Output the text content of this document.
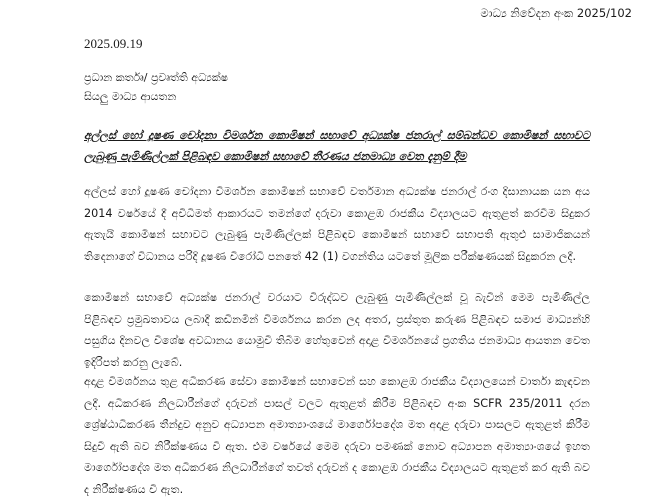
මාධ්‍ය නිවේදන අංක 2025/102
2025.09.19
ප්‍රධාන කර්තෘ/ ප්‍රවෘත්ති අධ්‍යක්ෂ
සියලු මාධ්‍ය ආයතන
අල්ලස් හෝ දූෂණ චෝදනා විමර්ශන කොමිෂන් සභාවේ අධ්‍යක්ෂ ජනරාල් සම්බන්ධව කොමිෂන් සභාවට ලැබුණු පැමිණිල්ලක් පිළිබඳව කොමිෂන් සභාවේ තීරණය ජනමාධ්‍ය වෙත දැනුම් දීම
අල්ලස් හෝ දූෂණ චෝදනා විමර්ශන කොමිෂන් සභාවේ වර්තමාන අධ්‍යක්ෂ ජනරාල් රංග දිසානායක යන අය 2014 වර්ෂයේ දී අවිධිමත් ආකාරයට තමන්ගේ දරුවා කොළඹ රාජකීය විද්‍යාලයට ඇතුළත් කරවීම සිදුකර ඇතැයි කොමිෂන් සභාවට ලැබුණු පැමිණිල්ලක් පිළිබඳව කොමිෂන් සභාවේ සභාපති ඇතුළු සාමාජිකයන් තිදෙනාගේ විධානය පරිදි දූෂණ විරෝධී පනතේ 42 (1) වගන්තිය යටතේ මූලික පරීක්ෂණයක් සිදුකරන ලදී.
කොමිෂන් සභාවේ අධ්‍යක්ෂ ජනරාල් වරයාට විරුද්ධව ලැබුණු පැමිණිල්ලක් වූ බැවින් මෙම පැමිණිල්ල පිළිබඳව ප්‍රමුඛතාවය ලබාදී කඩිනමින් විමර්ශනය කරන ලද අතර, ප්‍රස්තුත කරුණ පිළිබඳව සමාජ මාධ්‍යන්හි පසුගිය දිනවල විශේෂ අවධානය යොමුවී තිබීම හේතුවෙන් අදාළ විමර්ශනයේ ප්‍රගතිය ජනමාධ්‍ය ආයතන වෙත ඉදිරිපත් කරනු ලැබේ.
අදාළ විමර්ශනය තුළ අධිකරණ සේවා කොමිෂන් සභාවෙන් සහ කොළඹ රාජකීය විද්‍යාලයෙන් වාර්තා කැඳවන ලදී. අධිකරණ නිලධාරීන්ගේ දරුවන් පාසල් වලට ඇතුළත් කිරීම පිළිබඳව අංක SCFR 235/2011 දරන ශ්‍රේෂ්ඨාධිකරණ තීන්දුව අනුව අධ්‍යාපන අමාත්‍යාංශයේ මාර්ගෝපදේශ මත අදාළ දරුවා පාසලට ඇතුළත් කිරීම සිදුවී ඇති බව නිරීක්ෂණය වී ඇත. එම වර්ෂයේ මෙම දරුවා පමණක් නොව අධ්‍යාපන අමාත්‍යාංශයේ ඉහත මාර්ගෝපදේශ මත අධිකරණ නිලධාරීන්ගේ තවත් දරුවන් ද කොළඹ රාජකීය විද්‍යාලයට ඇතුළත් කර ඇති බව ද නිරීක්ෂණය වී ඇත.
